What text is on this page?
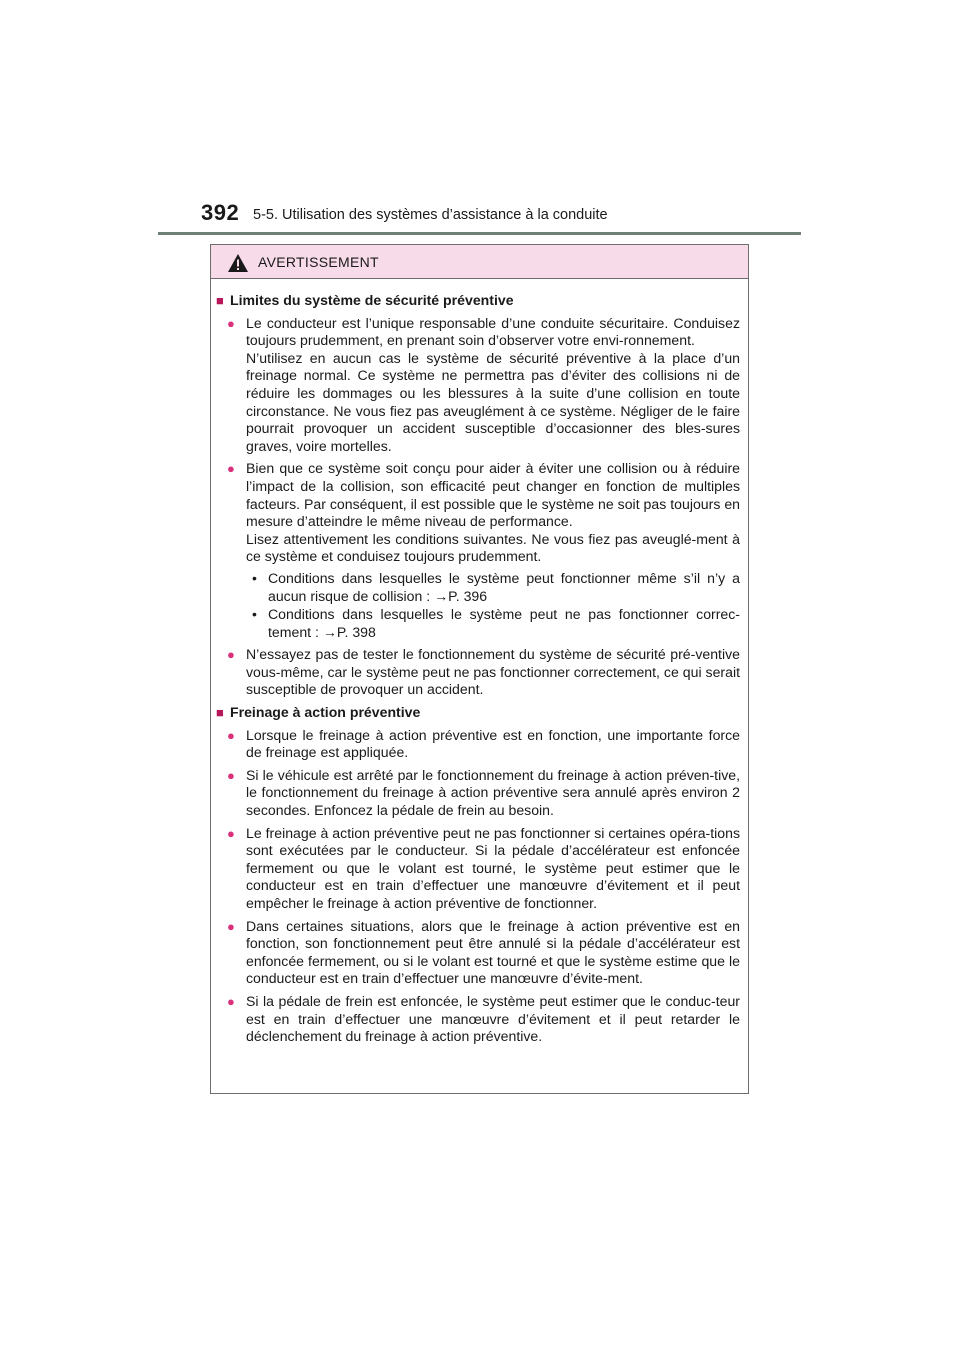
392 5-5. Utilisation des systèmes d’assistance à la conduite
AVERTISSEMENT
■ Limites du système de sécurité préventive
● Le conducteur est l’unique responsable d’une conduite sécuritaire. Conduisez toujours prudemment, en prenant soin d’observer votre envi-ronnement.
N’utilisez en aucun cas le système de sécurité préventive à la place d’un freinage normal. Ce système ne permettra pas d’éviter des collisions ni de réduire les dommages ou les blessures à la suite d’une collision en toute circonstance. Ne vous fiez pas aveuglément à ce système. Négliger de le faire pourrait provoquer un accident susceptible d’occasionner des bles-sures graves, voire mortelles.
● Bien que ce système soit conçu pour aider à éviter une collision ou à réduire l’impact de la collision, son efficacité peut changer en fonction de multiples facteurs. Par conséquent, il est possible que le système ne soit pas toujours en mesure d’atteindre le même niveau de performance.
Lisez attentivement les conditions suivantes. Ne vous fiez pas aveuglé-ment à ce système et conduisez toujours prudemment.
• Conditions dans lesquelles le système peut fonctionner même s’il n’y a aucun risque de collision : →P. 396
• Conditions dans lesquelles le système peut ne pas fonctionner correc-tement : →P. 398
● N’essayez pas de tester le fonctionnement du système de sécurité pré-ventive vous-même, car le système peut ne pas fonctionner correctement, ce qui serait susceptible de provoquer un accident.
■ Freinage à action préventive
● Lorsque le freinage à action préventive est en fonction, une importante force de freinage est appliquée.
● Si le véhicule est arrêté par le fonctionnement du freinage à action préven-tive, le fonctionnement du freinage à action préventive sera annulé après environ 2 secondes. Enfoncez la pédale de frein au besoin.
● Le freinage à action préventive peut ne pas fonctionner si certaines opéra-tions sont exécutées par le conducteur. Si la pédale d’accélérateur est enfoncée fermement ou que le volant est tourné, le système peut estimer que le conducteur est en train d’effectuer une manœuvre d’évitement et il peut empêcher le freinage à action préventive de fonctionner.
● Dans certaines situations, alors que le freinage à action préventive est en fonction, son fonctionnement peut être annulé si la pédale d’accélérateur est enfoncée fermement, ou si le volant est tourné et que le système estime que le conducteur est en train d’effectuer une manœuvre d’évite-ment.
● Si la pédale de frein est enfoncée, le système peut estimer que le conduc-teur est en train d’effectuer une manœuvre d’évitement et il peut retarder le déclenchement du freinage à action préventive.
